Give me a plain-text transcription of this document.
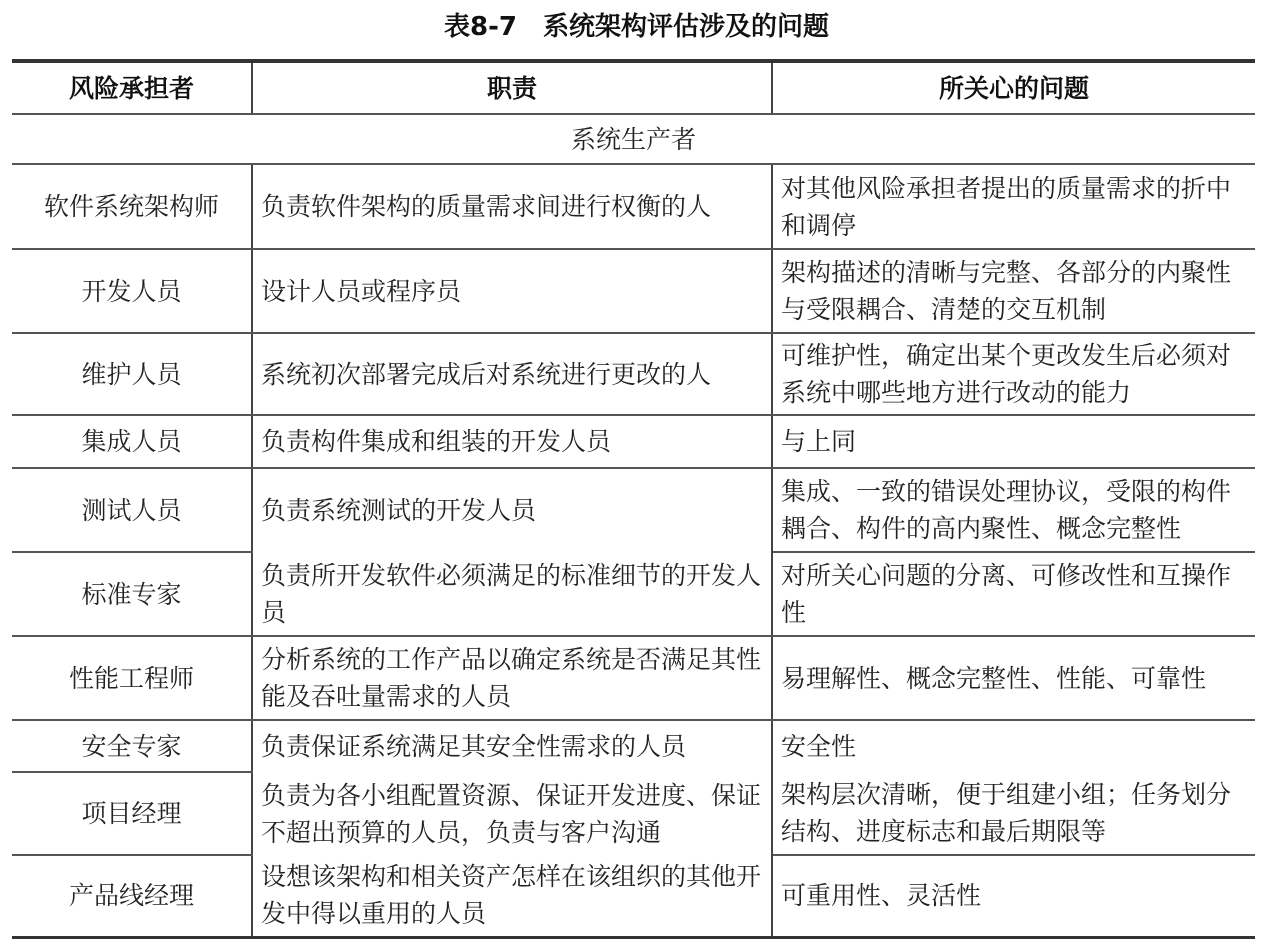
表8-7　系统架构评估涉及的问题
风险承担者	职责	所关心的问题
系统生产者		
软件系统架构师	负责软件架构的质量需求间进行权衡的人	对其他风险承担者提出的质量需求的折中和调停
开发人员	设计人员或程序员	架构描述的清晰与完整、各部分的内聚性与受限耦合、清楚的交互机制
维护人员	系统初次部署完成后对系统进行更改的人	可维护性，确定出某个更改发生后必须对系统中哪些地方进行改动的能力
集成人员	负责构件集成和组装的开发人员	与上同
测试人员	负责系统测试的开发人员	集成、一致的错误处理协议，受限的构件耦合、构件的高内聚性、概念完整性
标准专家	负责所开发软件必须满足的标准细节的开发人员	对所关心问题的分离、可修改性和互操作性
性能工程师	分析系统的工作产品以确定系统是否满足其性能及吞吐量需求的人员	易理解性、概念完整性、性能、可靠性
安全专家	负责保证系统满足其安全性需求的人员	安全性
项目经理	负责为各小组配置资源、保证开发进度、保证不超出预算的人员，负责与客户沟通	架构层次清晰，便于组建小组；任务划分结构、进度标志和最后期限等
产品线经理	设想该架构和相关资产怎样在该组织的其他开发中得以重用的人员	可重用性、灵活性
